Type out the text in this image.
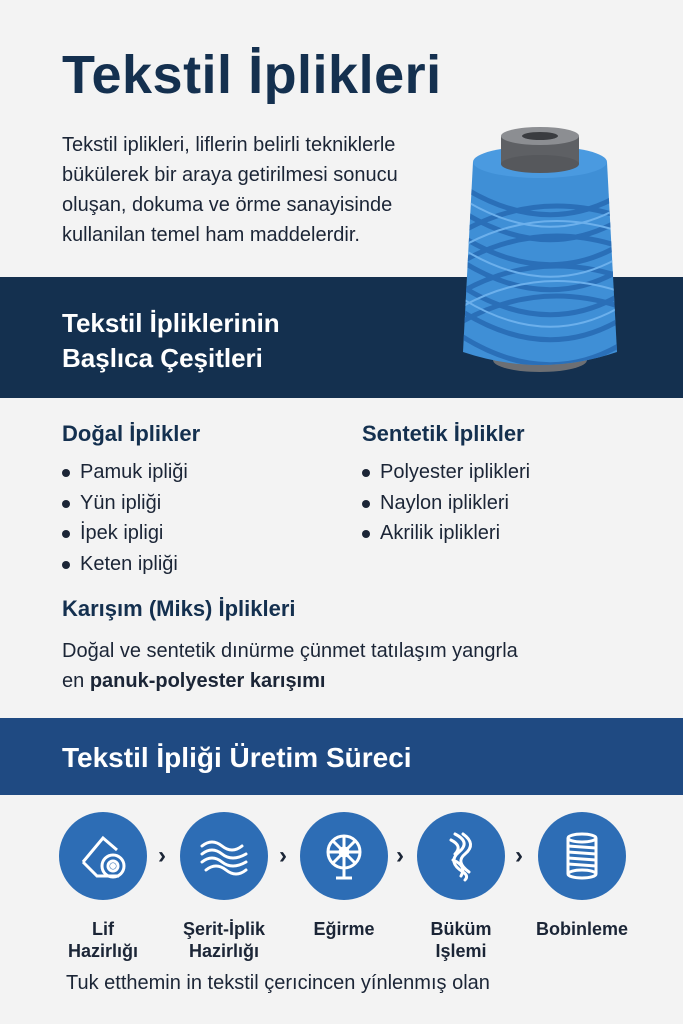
Tekstil İplikleri
Tekstil iplikleri, liflerin belirli tekniklerle bükülerek bir araya getirilmesi sonucu oluşan, dokuma ve örme sanayisinde kullanilan temel ham maddelerdir.
Tekstil İpliklerinin
Başlıca Çeşitleri
Doğal İplikler
Pamuk ipliği
Yün ipliği
İpek ipligi
Keten ipliği
Sentetik İplikler
Polyester iplikleri
Naylon iplikleri
Akrilik iplikleri
Karışım (Miks) İplikleri
Doğal ve sentetik dınürme çünmet tatılaşım yangrla
en panuk-polyester karışımı
Tekstil İpliği Üretim Süreci
Lif
Hazirlığı
›
Şerit-İplik
Hazirlığı
›
Eğirme
›
Büküm
Işlemi
›
Bobinleme
Tuk etthemin in tekstil çerıcincen yínlenmış olan
